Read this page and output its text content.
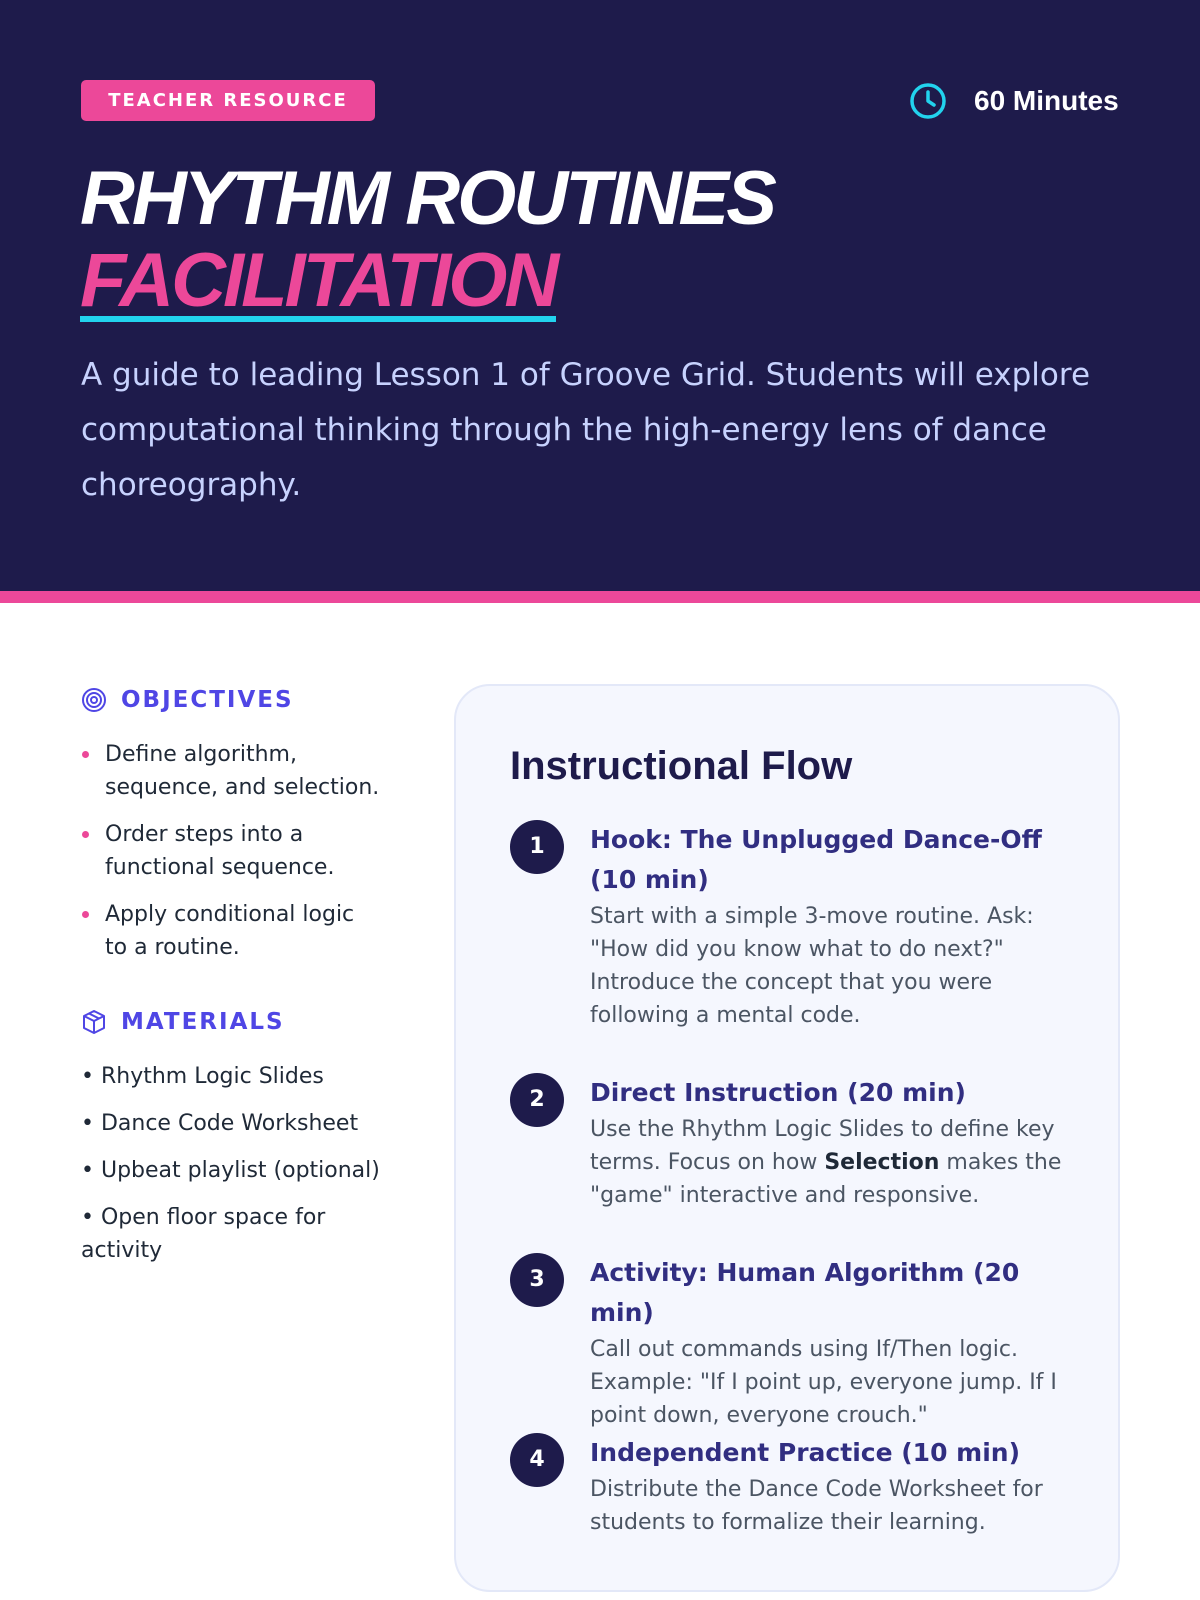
TEACHER RESOURCE	60 Minutes
RHYTHM ROUTINES
FACILITATION

A guide to leading Lesson 1 of Groove Grid. Students will explore computational thinking through the high-energy lens of dance choreography.

OBJECTIVES
Define algorithm, sequence, and selection.
Order steps into a functional sequence.
Apply conditional logic to a routine.
MATERIALS
• Rhythm Logic Slides
• Dance Code Worksheet
• Upbeat playlist (optional)
• Open floor space for activity
Instructional Flow
1	Hook: The Unplugged Dance-Off (10 min)
Start with a simple 3-move routine. Ask: "How did you know what to do next?" Introduce the concept that you were following a mental code.
2	Direct Instruction (20 min)
Use the Rhythm Logic Slides to define key terms. Focus on how Selection makes the "game" interactive and responsive.
3	Activity: Human Algorithm (20 min)
Call out commands using If/Then logic. Example: "If I point up, everyone jump. If I point down, everyone crouch."
4	Independent Practice (10 min)
Distribute the Dance Code Worksheet for students to formalize their learning.
